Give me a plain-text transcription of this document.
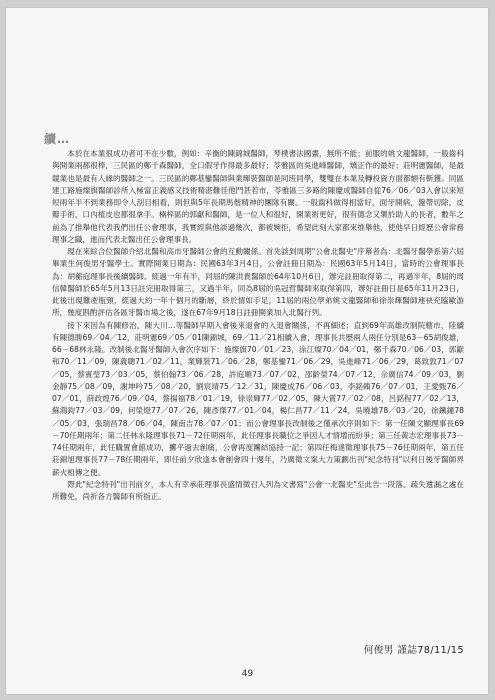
續…

本於在本業很成功者可不在少數，例如：辛衡的陳錦城醫師，琴樸書法國畫，無所不能；前服的姚文龍醫師，一般齒科與開業兩都很棒，三民區的鄭千森醫師，全口假牙作得最多最好；苓雅區的吳進峰醫師，矯正作的最好；莊明憲醫師，是最競業也是最有人緣的醫師之一。三民區的鄭基鑾醫師與業輝裝醫師是同班同學，雙雙在本業及轉投資方面都頗有斬獲。同區建工路施燦旗醫師診所入極富正義感又技術精湛難佳他鬥甚若市，苓雅區三多路的陳慶成醫師自從76／06／03入會以來短短兩年半不到業務即令人刮目相看，則但與5年長期馬偕精神的團隊有關。一般齒科做得相當好，面牙開病，盤帶切除，皮瓣手術，口內植皮也都很拿手。楠梓區的郭獻和醫師，是一位人和很好，開業術更好，很有德念又樂於助人的長者，數年之前為了推舉他代表我們出任公會理事，我實經與他談過幾次，都被婉拒，希望此刻大家都來推舉他，使他早日經歷公會常務理事之職，進而代表北醫出任公會理事長。

現在來綜合位醫師介紹北醫和高市牙醫師公會的互動關係。首先談到周期"公會北醫史"序幕者為：北醫牙醫學系第六屆畢業生何俊男牙醫學士。實際開業日期為：民國63年3月4日，公會註冊日期為：民國63年5月14日，當時的公會理事長為：胡蘅庭理事長後續醫師。經過一年有半，同屆的陳洪貴醫師於64年10月6日，辦完註冊取得第二，再過半年，8屆的周信韓醫師於65年5月13日註完冊取得第三，又過半年，同為8屆的吳冠哲醫師來取得第四，辦好註冊日是65年11月23日，此後出現難產瓶頸，經過大約一年十個月的斷層，終於情如手足，11屆的兩位學弟姚文龍醫師和徐崇輝醫師連袂充臨歐游所，幾度斟酌評估各區牙醫市場之後，遂在67年9月18日註冊開業加入北醫行列。

接下來因為有陳修治，陳大川…等醫師早期入會後來退會的入退會關係，不再細述；直到69年高雄改制院轄市，陸續有陳德勝69／04／12，莊明憲69／05／01陳錦城，69／11／21相續入會，理事長共歷兩人兩任分別是63－65胡俊雄，66－68林永隆。改制後北醫牙醫師入會次序如下：施燦旗70／01／23，涂江燦70／04／01，鄭千森70／06／03，郭獻和70／11／09，陳義聰71／02／11，業輝裝71／06／28，鄭基鑾71／06／29，吳進峰71／06／29，葛致敦71／07／05，蔡賓瑩73／03／05，蔡伯翰73／06／28，許庭順73／07／02，邵齡榮74／07／12，佘廣信74／09／03，劉金靜75／08／09，謝坤吟75／08／20，劉宸靖75／12／31，陳慶成76／06／03，李銘賴76／07／01，王愛甄76／07／01，薛政煌76／09／04，蔡揚福78／01／19，徐崇輝77／02／05，陳大賞77／02／08，呂銘程77／02／13，蘇鴻鈞77／03／09，何榮燈77／07／26，陳彥傑77／01／04，楊仁昌77／11／24，吳曉雄78／03／20，徐鐵鐘78／05／03，張瑞昌78／06／04，陳南吉78／07／01；而公會理事長改制後之僅承次序則如下：第一任陳文顯理事長69－70任期兩年；第二任林永隆理事長71－72任期兩年，此任理事長職位之爭因人才情增而紛爭；第三任黃志宏理事長73－74任期兩年，此任購置會館成功，擲平過去創痛，公會再度團結協持一記；第四任梅達徵理事長75－76任期兩年，第五任莊錦旭理事長77－78任期兩年，即任前夕欣逢本會創會四十週年，乃廣徵文案大力策劃出刊"紀念特刊"以利日後牙醫師界薪火相傳之便。

際此"紀念特刊"出刊前夕，本人有幸承莊理事長盛情徵召入列為文書寫"公會一北醫史"至此告一段落。疏失遺漏之處在所難免，尚祈各方醫師有所指正。

何俊男 謹誌78/11/15
49
